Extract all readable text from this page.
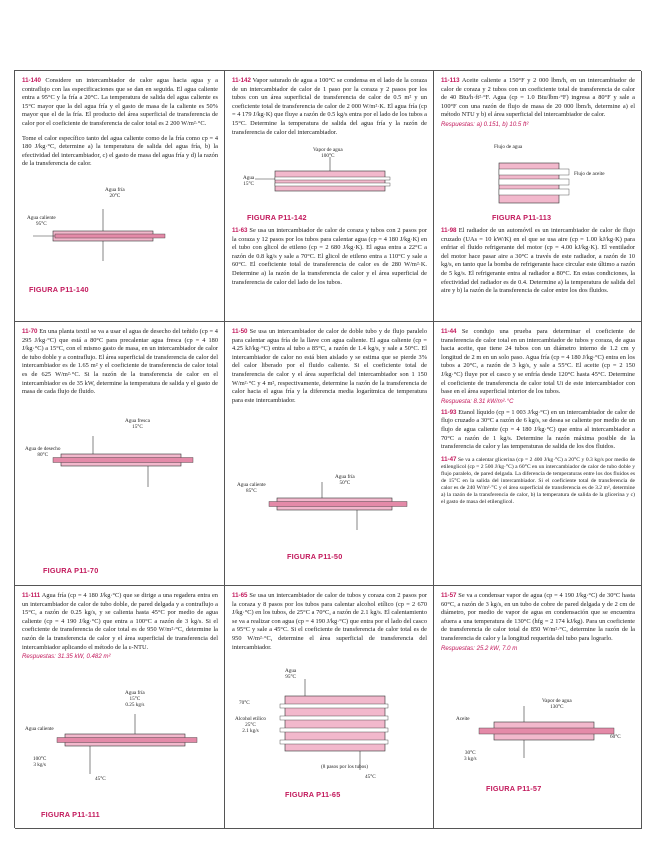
11-140 Considere un intercambiador de calor agua hacia agua y a contraflujo con las especificaciones que se dan en seguida. El agua caliente entra a 95°C y la fría a 20°C. La temperatura de salida del agua caliente es 15°C mayor que la del agua fría y el gasto de masa de la caliente es 50% mayor que el de la fría. El producto del área superficial de transferencia de calor por el coeficiente de transferencia de calor total es 2 200 W/m²·°C.

Tome el calor específico tanto del agua caliente como de la fría como cp = 4 180 J/kg·°C, determine a) la temperatura de salida del agua fría, b) la efectividad del intercambiador, c) el gasto de masa del agua fría y d) la razón de la transferencia de calor.

Agua fría
20°C
Agua caliente
95°C
FIGURA P11-140

11-142 Vapor saturado de agua a 100°C se condensa en el lado de la coraza de un intercambiador de calor de 1 paso por la coraza y 2 pasos por los tubos con un área superficial de transferencia de calor de 0.5 m² y un coeficiente total de transferencia de calor de 2 000 W/m²·K. El agua fría (cp = 4 179 J/kg·K) que fluye a razón de 0.5 kg/s entra por el lado de los tubos a 15°C. Determine la temperatura de salida del agua fría y la razón de transferencia de calor del intercambiador.

Vapor de agua
100°C
Agua
15°C
FIGURA P11-142

11-63 Se usa un intercambiador de calor de coraza y tubos con 2 pasos por la coraza y 12 pasos por los tubos para calentar agua (cp = 4 180 J/kg·K) en el tubo con glicol de etileno (cp = 2 680 J/kg·K). El agua entra a 22°C a razón de 0.8 kg/s y sale a 70°C. El glicol de etileno entra a 110°C y sale a 60°C. El coeficiente total de transferencia de calor es de 280 W/m²·K. Determine a) la razón de la transferencia de calor y el área superficial de transferencia de calor del lado de los tubos.

11-113 Aceite caliente a 150°F y 2 000 lbm/h, en un intercambiador de calor de coraza y 2 tubos con un coeficiente total de transferencia de calor de 40 Btu/h·ft²·°F. Agua (cp = 1.0 Btu/lbm·°F) ingresa a 80°F y sale a 100°F con una razón de flujo de masa de 20 000 lbm/h, determine a) el método NTU y b) el área superficial del intercambiador de calor.

Respuestas: a) 0.151, b) 10.5 ft²
Flujo de agua
Flujo de aceite
FIGURA P11-113

11-98 El radiador de un automóvil es un intercambiador de calor de flujo cruzado (UAs = 10 kW/K) en el que se usa aire (cp = 1.00 kJ/kg·K) para enfriar el fluido refrigerante del motor (cp = 4.00 kJ/kg·K). El ventilador del motor hace pasar aire a 30°C a través de este radiador, a razón de 10 kg/s, en tanto que la bomba de refrigerante hace circular este último a razón de 5 kg/s. El refrigerante entra al radiador a 80°C. En estas condiciones, la efectividad del radiador es de 0.4. Determine a) la temperatura de salida del aire y b) la razón de la transferencia de calor entre los dos fluidos.

11-70 En una planta textil se va a usar el agua de desecho del teñido (cp = 4 295 J/kg·°C) que está a 80°C para precalentar agua fresca (cp = 4 180 J/kg·°C) a 15°C, con el mismo gasto de masa, en un intercambiador de calor de tubo doble y a contraflujo. El área superficial de transferencia de calor del intercambiador es de 1.65 m² y el coeficiente de transferencia de calor total es de 625 W/m²·°C. Si la razón de la transferencia de calor en el intercambiador es de 35 kW, determine la temperatura de salida y el gasto de masa de cada flujo de fluido.

Agua fresca
15°C
Agua de desecho
80°C
FIGURA P11-70

11-50 Se usa un intercambiador de calor de doble tubo y de flujo paralelo para calentar agua fría de la llave con agua caliente. El agua caliente (cp = 4.25 kJ/kg·°C) entra al tubo a 85°C, a razón de 1.4 kg/s, y sale a 50°C. El intercambiador de calor no está bien aislado y se estima que se pierde 3% del calor liberado por el fluido caliente. Si el coeficiente total de transferencia de calor y el área superficial del intercambiador son 1 150 W/m²·°C y 4 m², respectivamente, determine la razón de la transferencia de calor hacia el agua fría y la diferencia media logarítmica de temperatura para este intercambiador.

Agua caliente
85°C
Agua fría
50°C
FIGURA P11-50

11-44 Se condujo una prueba para determinar el coeficiente de transferencia de calor total en un intercambiador de tubos y coraza, de agua hacia aceite, que tiene 24 tubos con un diámetro interno de 1.2 cm y longitud de 2 m en un solo paso. Agua fría (cp = 4 180 J/kg·°C) entra en los tubos a 20°C, a razón de 3 kg/s, y sale a 55°C. El aceite (cp = 2 150 J/kg·°C) fluye por el casco y se enfría desde 120°C hasta 45°C. Determine el coeficiente de transferencia de calor total Ui de este intercambiador con base en el área superficial interior de los tubos.

Respuesta: 8.31 kW/m²·°C

11-93 Etanol líquido (cp = 1 003 J/kg·°C) en un intercambiador de calor de flujo cruzado a 30°C a razón de 6 kg/s, se desea se caliente por medio de un flujo de agua caliente (cp = 4 180 J/kg·°C) que entra al intercambiador a 70°C a razón de 1 kg/s. Determine la razón máxima posible de la transferencia de calor y las temperaturas de salida de los dos fluidos.

11-47 Se va a calentar glicerina (cp = 2 400 J/kg·°C) a 20°C y 0.3 kg/s por medio de etilenglicol (cp = 2 500 J/kg·°C) a 60°C en un intercambiador de calor de tubo doble y flujo paralelo, de pared delgada. La diferencia de temperaturas entre los dos fluidos es de 15°C en la salida del intercambiador. Si el coeficiente total de transferencia de calor es de 240 W/m²·°C y el área superficial de transferencia es de 3.2 m², determine a) la razón de la transferencia de calor, b) la temperatura de salida de la glicerina y c) el gasto de masa del etilenglicol.

11-111 Agua fría (cp = 4 180 J/kg·°C) que se dirige a una regadera entra en un intercambiador de calor de tubo doble, de pared delgada y a contraflujo a 15°C, a razón de 0.25 kg/s, y se calienta hasta 45°C por medio de agua caliente (cp = 4 190 J/kg·°C) que entra a 100°C a razón de 3 kg/s. Si el coeficiente de transferencia de calor total es de 950 W/m²·°C, determine la razón de la transferencia de calor y el área superficial de transferencia del intercambiador aplicando el método de la ε-NTU.

Respuestas: 31.35 kW, 0.482 m²
Agua fría
15°C
0.25 kg/s
Agua caliente
100°C
3 kg/s
45°C
FIGURA P11-111

11-65 Se usa un intercambiador de calor de tubos y coraza con 2 pasos por la coraza y 8 pasos por los tubos para calentar alcohol etílico (cp = 2 670 J/kg·°C) en los tubos, de 25°C a 70°C, a razón de 2.1 kg/s. El calentamiento se va a realizar con agua (cp = 4 190 J/kg·°C) que entra por el lado del casco a 95°C y sale a 45°C. Si el coeficiente de transferencia de calor total es de 950 W/m²·°C, determine el área superficial de transferencia del intercambiador.

Agua
95°C
Alcohol etílico
25°C
2.1 kg/s
70°C
45°C
(8 pasos por los tubos)
FIGURA P11-65

11-57 Se va a condensar vapor de agua (cp = 4 190 J/kg·°C) de 30°C hasta 60°C, a razón de 3 kg/s, en un tubo de cobre de pared delgada y de 2 cm de diámetro, por medio de vapor de agua en condensación que se encuentra afuera a una temperatura de 130°C (hfg = 2 174 kJ/kg). Para un coeficiente de transferencia de calor total de 850 W/m²·°C, determine la razón de la transferencia de calor y la longitud requerida del tubo para lograrlo.

Respuestas: 25.2 kW, 7.0 m
Vapor de agua
130°C
Aceite
30°C
3 kg/s
60°C
FIGURA P11-57
